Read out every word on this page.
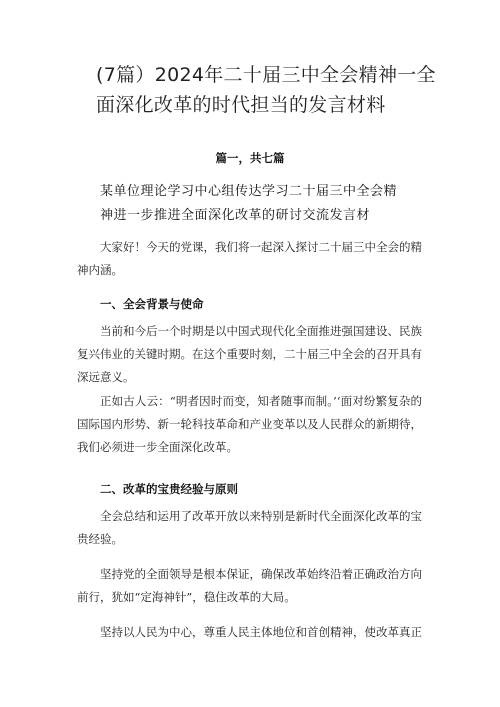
(7篇）2024年二十届三中全会精神一全面深化改革的时代担当的发言材料
篇一，共七篇
某单位理论学习中心组传达学习二十届三中全会精神进一步推进全面深化改革的研讨交流发言材
大家好！今天的党课，我们将一起深入探讨二十届三中全会的精神内涵。
一、全会背景与使命
当前和今后一个时期是以中国式现代化全面推进强国建设、民族复兴伟业的关键时期。在这个重要时刻，二十届三中全会的召开具有深远意义。
正如古人云：“明者因时而变，知者随事而制。’‘面对纷繁复杂的国际国内形势、新一轮科技革命和产业变革以及人民群众的新期待，我们必须进一步全面深化改革。
二、改革的宝贵经验与原则
全会总结和运用了改革开放以来特别是新时代全面深化改革的宝贵经验。
坚持党的全面领导是根本保证，确保改革始终沿着正确政治方向前行，犹如“定海神针”，稳住改革的大局。
坚持以人民为中心，尊重人民主体地位和首创精神，使改革真正
